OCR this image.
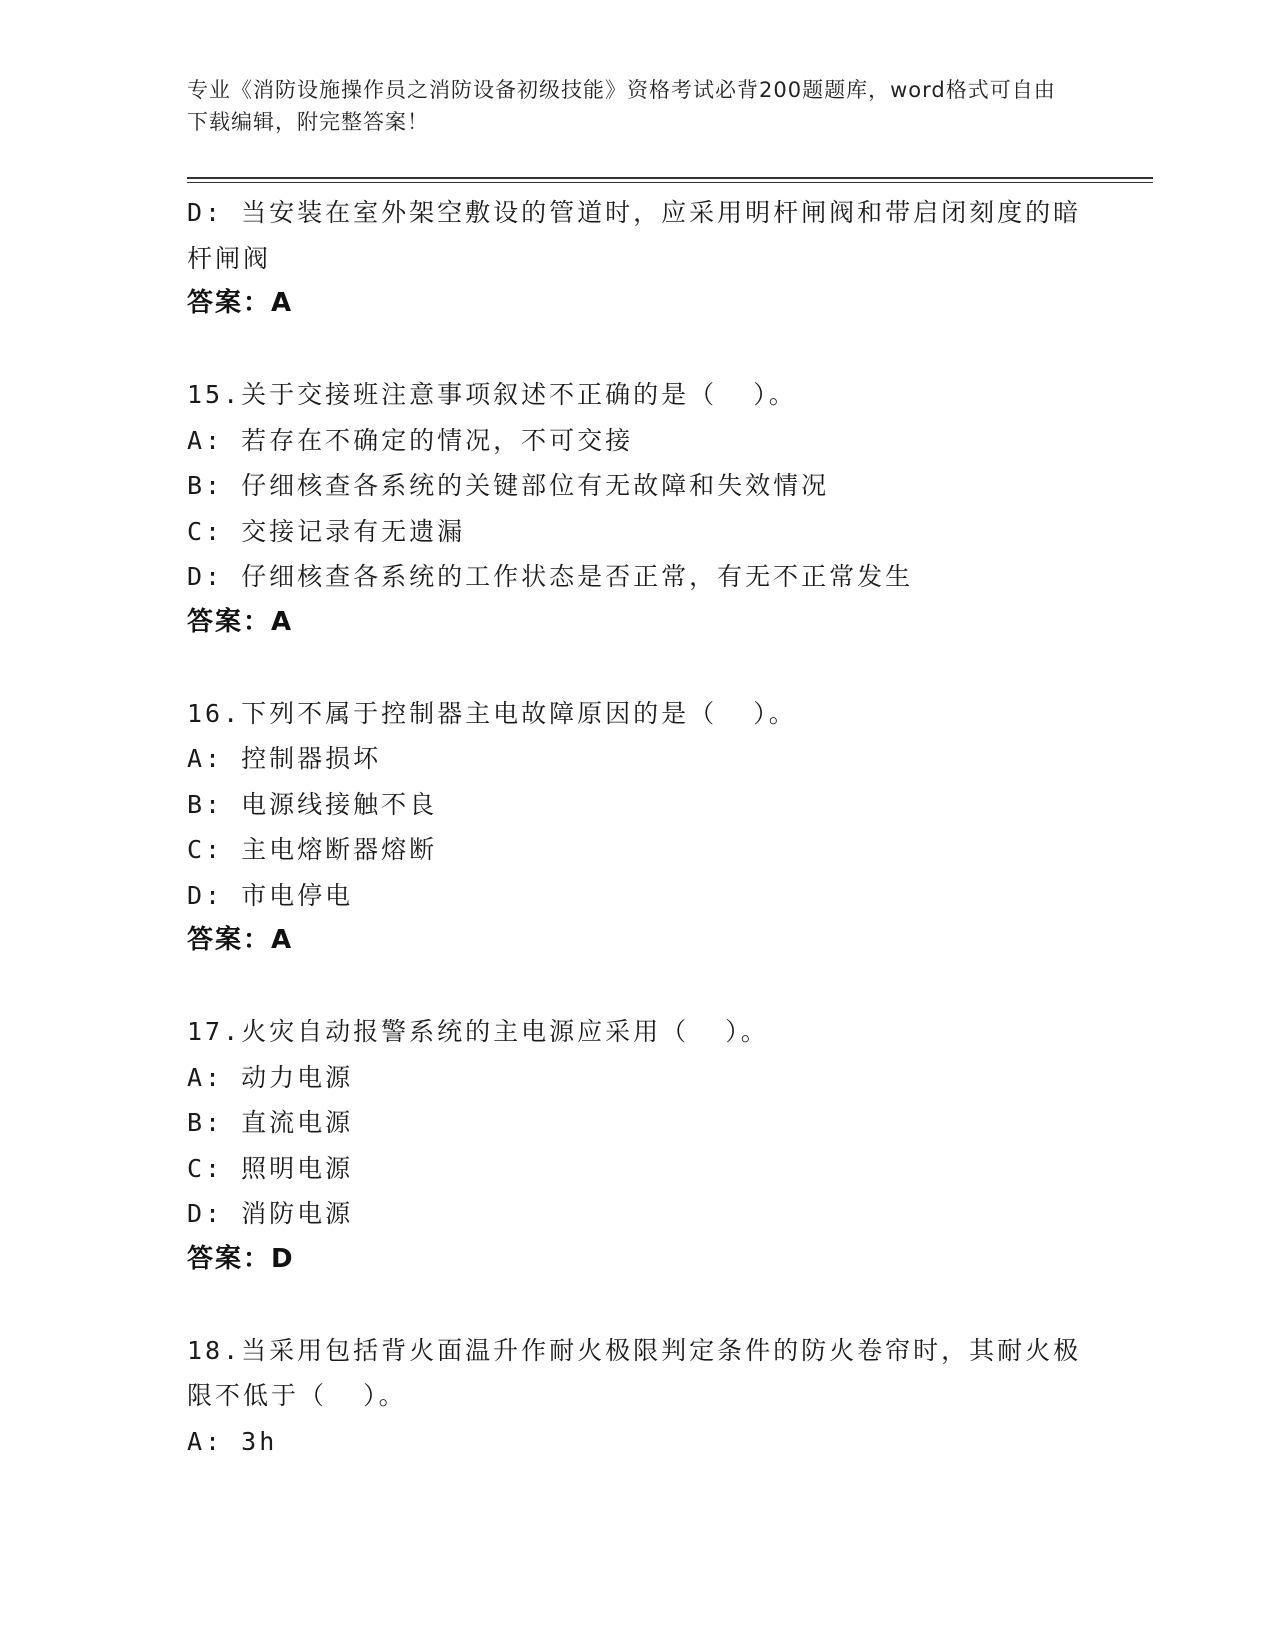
专业《消防设施操作员之消防设备初级技能》资格考试必背200题题库，word格式可自由下载编辑，附完整答案！
D: 当安装在室外架空敷设的管道时，应采用明杆闸阀和带启闭刻度的暗杆闸阀
答案：A
15.关于交接班注意事项叙述不正确的是（  ）。
A: 若存在不确定的情况，不可交接
B: 仔细核查各系统的关键部位有无故障和失效情况
C: 交接记录有无遗漏
D: 仔细核查各系统的工作状态是否正常，有无不正常发生
答案：A
16.下列不属于控制器主电故障原因的是（  ）。
A: 控制器损坏
B: 电源线接触不良
C: 主电熔断器熔断
D: 市电停电
答案：A
17.火灾自动报警系统的主电源应采用（  ）。
A: 动力电源
B: 直流电源
C: 照明电源
D: 消防电源
答案：D
18.当采用包括背火面温升作耐火极限判定条件的防火卷帘时，其耐火极限不低于（  ）。
A: 3h
